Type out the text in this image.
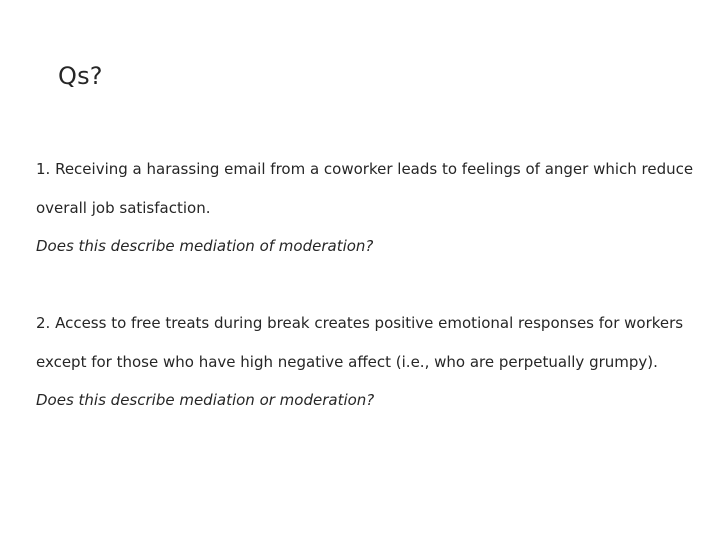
Qs?

1. Receiving a harassing email from a coworker leads to feelings of anger which reduce overall job satisfaction.

Does this describe mediation of moderation?

2. Access to free treats during break creates positive emotional responses for workers except for those who have high negative affect (i.e., who are perpetually grumpy).

Does this describe mediation or moderation?
